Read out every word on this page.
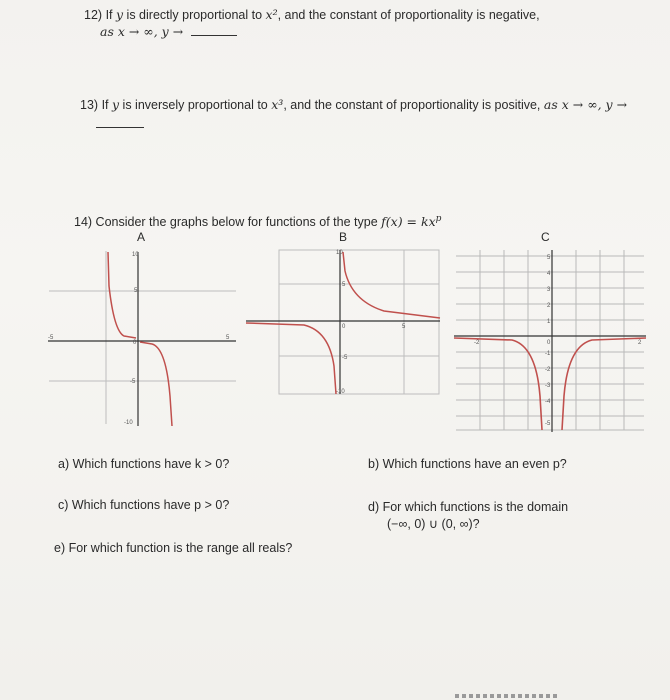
12) If y is directly proportional to x², and the constant of proportionality is negative,
as x → ∞, y →
13) If y is inversely proportional to x³, and the constant of proportionality is positive, as x → ∞, y →
14) Consider the graphs below for functions of the type $f(x) = kx^p$
A	B	C
10
5
0
-5
-10
-5	5
10
5
0
-5
-10
5
5
4
3
2
1
0
-1
-2
-3
-4
-5
-2	2
a) Which functions have k > 0?	b) Which functions have an even p?
c) Which functions have p > 0?	d) For which functions is the domain
(−∞, 0) ∪ (0, ∞)?
e) For which function is the range all reals?
